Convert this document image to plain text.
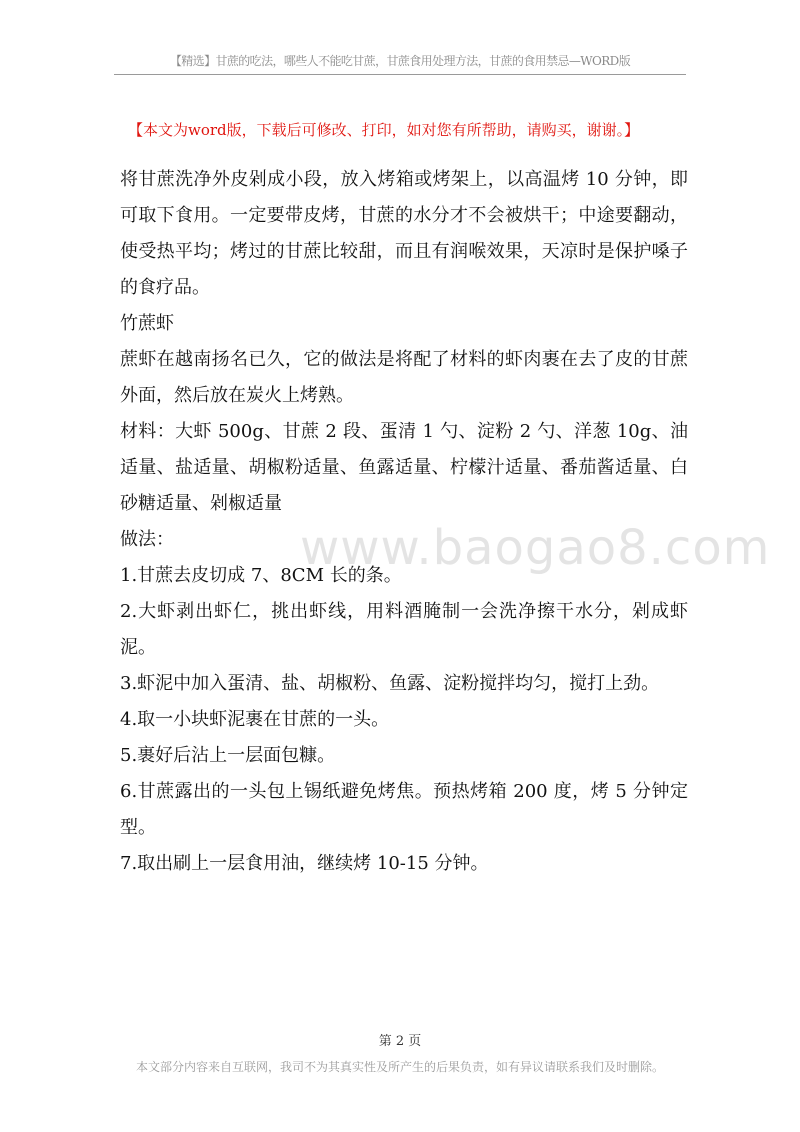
【精选】甘蔗的吃法，哪些人不能吃甘蔗，甘蔗食用处理方法，甘蔗的食用禁忌—WORD版
【本文为word版，下载后可修改、打印，如对您有所帮助，请购买，谢谢。】

将甘蔗洗净外皮剁成小段，放入烤箱或烤架上，以高温烤 10 分钟，即可取下食用。一定要带皮烤，甘蔗的水分才不会被烘干；中途要翻动，使受热平均；烤过的甘蔗比较甜，而且有润喉效果，天凉时是保护嗓子的食疗品。

竹蔗虾

蔗虾在越南扬名已久，它的做法是将配了材料的虾肉裹在去了皮的甘蔗外面，然后放在炭火上烤熟。

材料：大虾 500g、甘蔗 2 段、蛋清 1 勺、淀粉 2 勺、洋葱 10g、油适量、盐适量、胡椒粉适量、鱼露适量、柠檬汁适量、番茄酱适量、白砂糖适量、剁椒适量

做法：

1.甘蔗去皮切成 7、8CM 长的条。

2.大虾剥出虾仁，挑出虾线，用料酒腌制一会洗净擦干水分，剁成虾泥。

3.虾泥中加入蛋清、盐、胡椒粉、鱼露、淀粉搅拌均匀，搅打上劲。

4.取一小块虾泥裹在甘蔗的一头。

5.裹好后沾上一层面包糠。

6.甘蔗露出的一头包上锡纸避免烤焦。预热烤箱 200 度，烤 5 分钟定型。

7.取出刷上一层食用油，继续烤 10-15 分钟。

www.baogao8.com
第 2 页
本文部分内容来自互联网，我司不为其真实性及所产生的后果负责，如有异议请联系我们及时删除。
